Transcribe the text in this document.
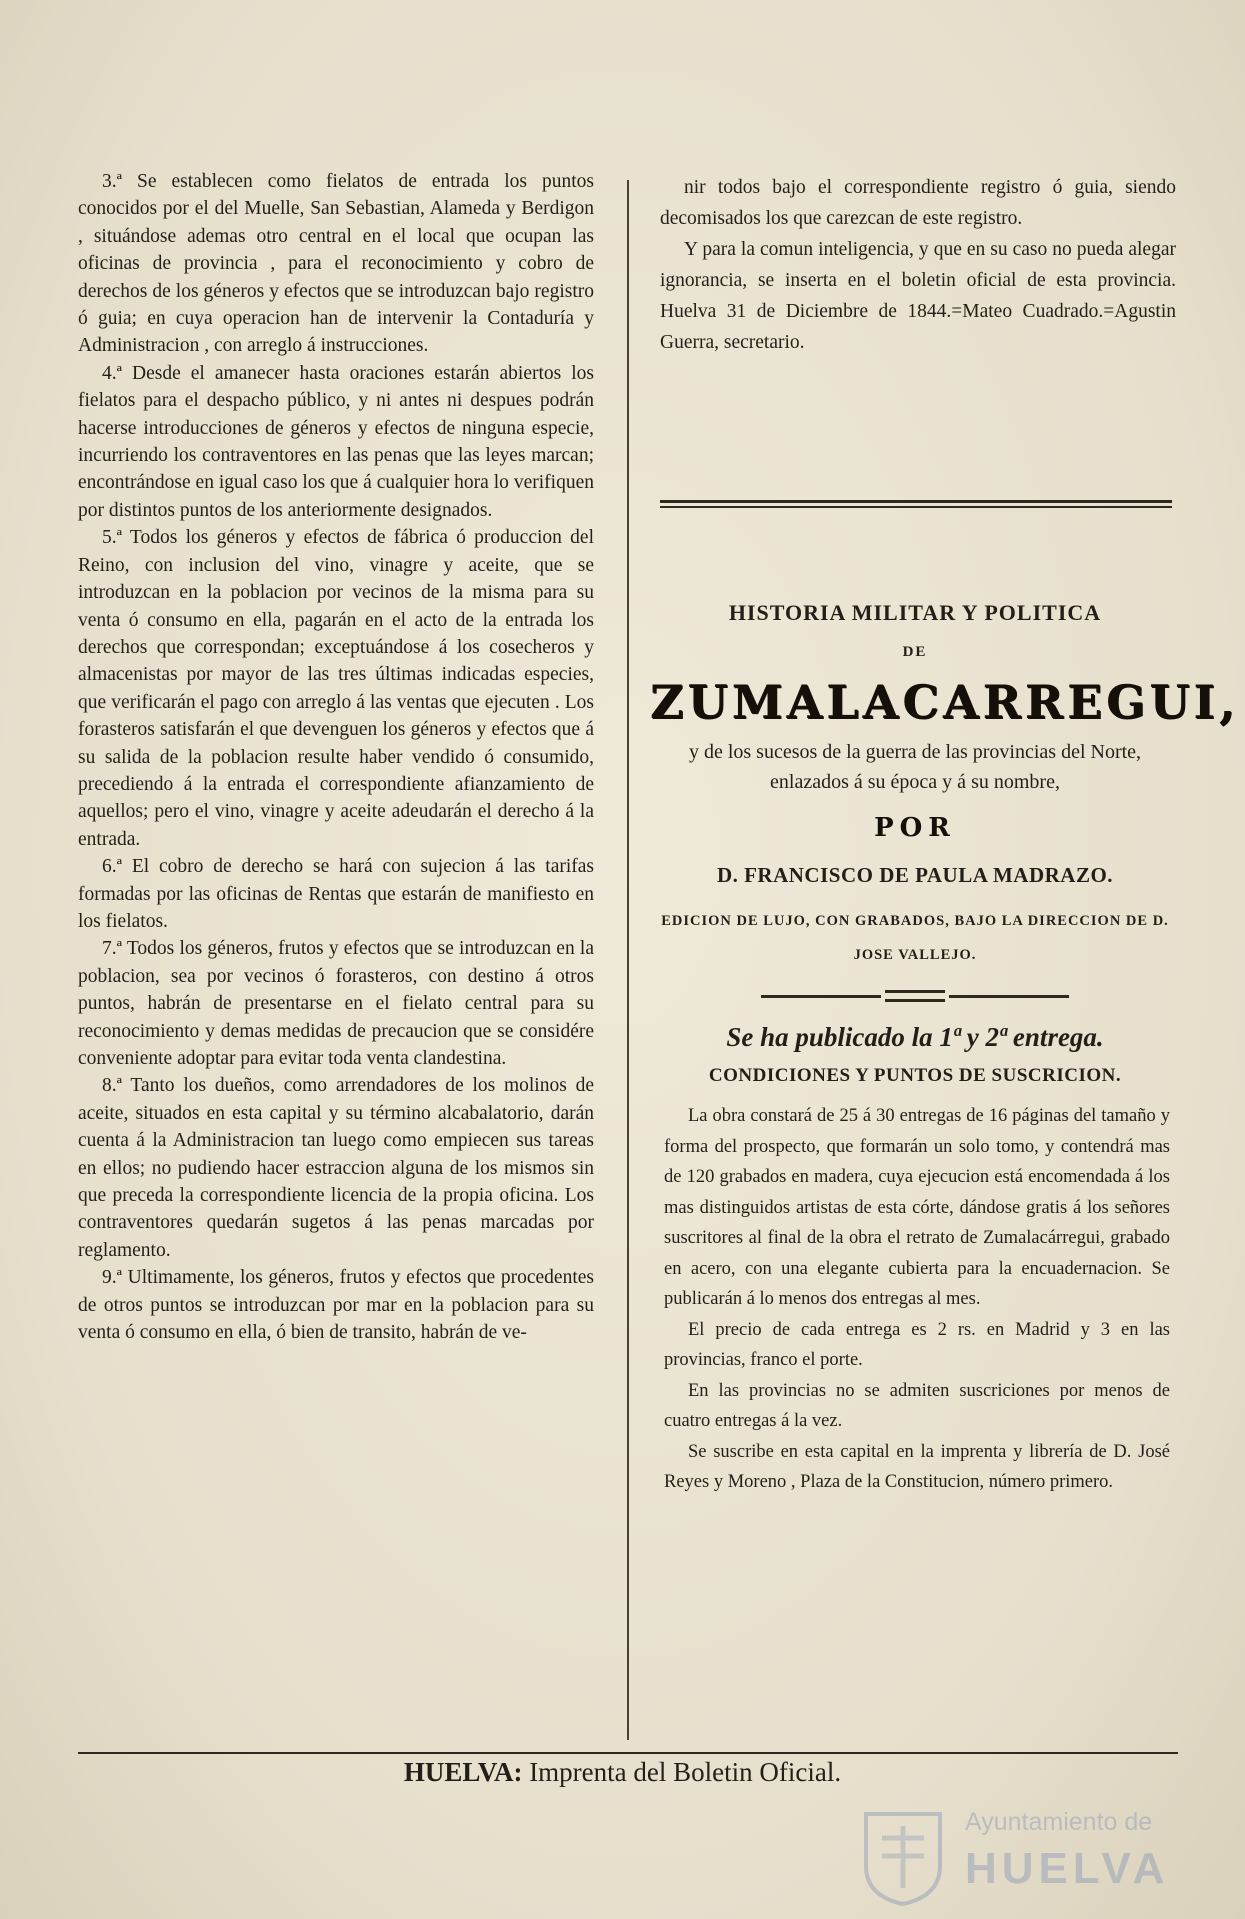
3.ª Se establecen como fielatos de entrada los puntos conocidos por el del Muelle, San Sebastian, Alameda y Berdigon , situándose ademas otro central en el local que ocupan las oficinas de provincia , para el reconocimiento y cobro de derechos de los géneros y efectos que se introduzcan bajo registro ó guia; en cuya operacion han de intervenir la Contaduría y Administracion , con arreglo á instrucciones.

4.ª Desde el amanecer hasta oraciones estarán abiertos los fielatos para el despacho público, y ni antes ni despues podrán hacerse introducciones de géneros y efectos de ninguna especie, incurriendo los contraventores en las penas que las leyes marcan; encontrándose en igual caso los que á cualquier hora lo verifiquen por distintos puntos de los anteriormente designados.

5.ª Todos los géneros y efectos de fábrica ó produccion del Reino, con inclusion del vino, vinagre y aceite, que se introduzcan en la poblacion por vecinos de la misma para su venta ó consumo en ella, pagarán en el acto de la entrada los derechos que correspondan; exceptuándose á los cosecheros y almacenistas por mayor de las tres últimas indicadas especies, que verificarán el pago con arreglo á las ventas que ejecuten . Los forasteros satisfarán el que devenguen los géneros y efectos que á su salida de la poblacion resulte haber vendido ó consumido, precediendo á la entrada el correspondiente afianzamiento de aquellos; pero el vino, vinagre y aceite adeudarán el derecho á la entrada.

6.ª El cobro de derecho se hará con sujecion á las tarifas formadas por las oficinas de Rentas que estarán de manifiesto en los fielatos.

7.ª Todos los géneros, frutos y efectos que se introduzcan en la poblacion, sea por vecinos ó forasteros, con destino á otros puntos, habrán de presentarse en el fielato central para su reconocimiento y demas medidas de precaucion que se considére conveniente adoptar para evitar toda venta clandestina.

8.ª Tanto los dueños, como arrendadores de los molinos de aceite, situados en esta capital y su término alcabalatorio, darán cuenta á la Administracion tan luego como empiecen sus tareas en ellos; no pudiendo hacer estraccion alguna de los mismos sin que preceda la correspondiente licencia de la propia oficina. Los contraventores quedarán sugetos á las penas marcadas por reglamento.

9.ª Ultimamente, los géneros, frutos y efectos que procedentes de otros puntos se introduzcan por mar en la poblacion para su venta ó consumo en ella, ó bien de transito, habrán de ve-

nir todos bajo el correspondiente registro ó guia, siendo decomisados los que carezcan de este registro.

Y para la comun inteligencia, y que en su caso no pueda alegar ignorancia, se inserta en el boletin oficial de esta provincia. Huelva 31 de Diciembre de 1844.=Mateo Cuadrado.=Agustin Guerra, secretario.

HISTORIA MILITAR Y POLITICA
DE
ZUMALACARREGUI,
y de los sucesos de la guerra de las provincias del Norte, enlazados á su época y á su nombre,
POR
D. FRANCISCO DE PAULA MADRAZO.
EDICION DE LUJO, CON GRABADOS, BAJO LA DIRECCION DE D. JOSE VALLEJO.
Se ha publicado la 1ª y 2ª entrega.
CONDICIONES Y PUNTOS DE SUSCRICION.

La obra constará de 25 á 30 entregas de 16 páginas del tamaño y forma del prospecto, que formarán un solo tomo, y contendrá mas de 120 grabados en madera, cuya ejecucion está encomendada á los mas distinguidos artistas de esta córte, dándose gratis á los señores suscritores al final de la obra el retrato de Zumalacárregui, grabado en acero, con una elegante cubierta para la encuadernacion. Se publicarán á lo menos dos entregas al mes.

El precio de cada entrega es 2 rs. en Madrid y 3 en las provincias, franco el porte.

En las provincias no se admiten suscriciones por menos de cuatro entregas á la vez.

Se suscribe en esta capital en la imprenta y librería de D. José Reyes y Moreno , Plaza de la Constitucion, número primero.

HUELVA: Imprenta del Boletin Oficial.
Ayuntamiento de
HUELVA
